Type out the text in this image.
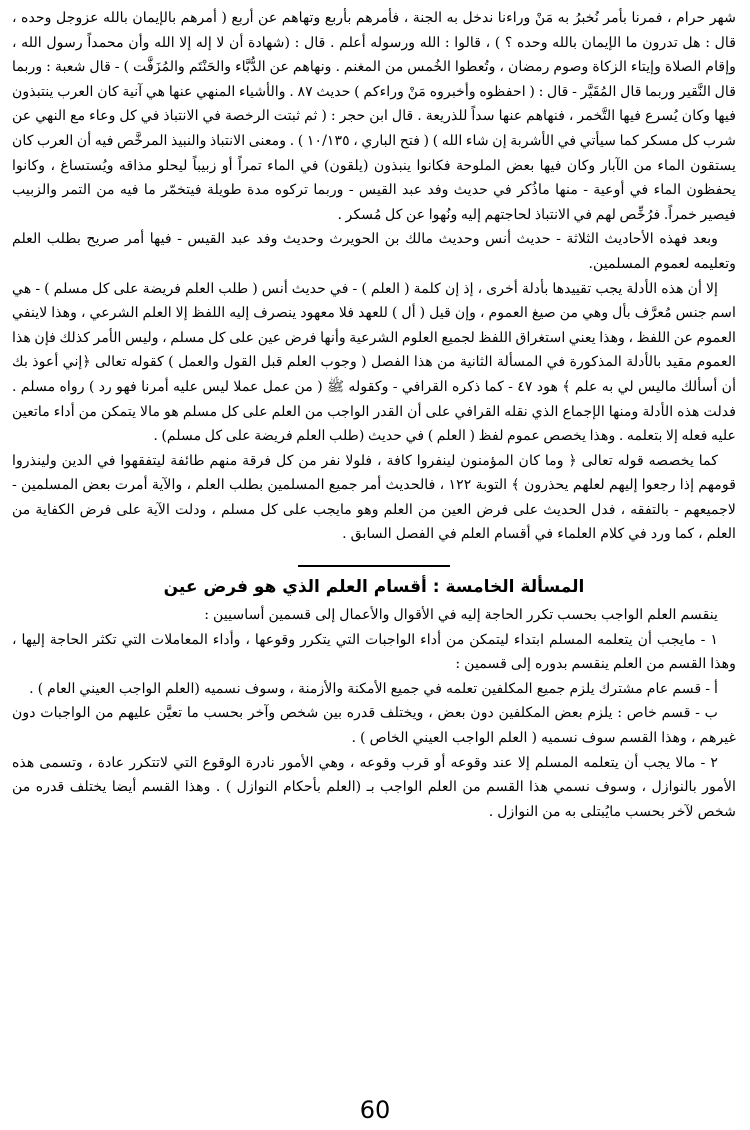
شهر حرام ، فمرنا بأمر نُخبرُ به مَنْ وراءنا ندخل به الجنة ، فأمرهم بأربع وتهاهم عن أربع ( أمرهم بالإيمان بالله عزوجل وحده ، قال : هل تدرون ما الإيمان بالله وحده ؟ ) ، قالوا : الله ورسوله أعلم . قال : (شهادة أن لا إله إلا الله وأن محمداً رسول الله ، وإقام الصلاة وإيتاء الزكاة وصوم رمضان ، وتُعطوا الخُمس من المغنم . ونهاهم عن الدُّبَّاء والحَنْتَم والمُزَفَّت ) - قال شعبة : وربما قال النَّقير وربما قال المُقَيَّر - قال : ( احفظوه وأخبروه مَنْ وراءكم ) حديث ٨٧ . والأشياء المنهي عنها هي آنية كان العرب ينتبذون فيها وكان يُسرع فيها التَّخمر ، فنهاهم عنها سداً للذريعة . قال ابن حجر : ( ثم ثبتت الرخصة في الانتباذ في كل وعاء مع النهي عن شرب كل مسكر كما سيأتي في الأشربة إن شاء الله ) ( فتح الباري ، ١٠/١٣٥ ) . ومعنى الانتباذ والنبيذ المرخَّص فيه أن العرب كان يستقون الماء من الآبار وكان فيها بعض الملوحة فكانوا ينبذون (يلقون) في الماء تمراً أو زبيباً ليحلو مذاقه ويُستساغ ، وكانوا يحفظون الماء في أوعية - منها ماذُكر في حديث وفد عبد القيس - وربما تركوه مدة طويلة فيتخمّر ما فيه من التمر والزبيب فيصير خمراً. فرُخِّص لهم في الانتباذ لحاجتهم إليه ونُهوا عن كل مُسكر .

وبعد فهذه الأحاديث الثلاثة - حديث أنس وحديث مالك بن الحويرث وحديث وفد عبد القيس - فيها أمر صريح بطلب العلم وتعليمه لعموم المسلمين.

إلا أن هذه الأدلة يجب تقييدها بأدلة أخرى ، إذ إن كلمة ( العلم ) - في حديث أنس ( طلب العلم فريضة على كل مسلم ) - هي اسم جنس مُعرَّف بأل وهي من صيغ العموم ، وإن قيل ( أل ) للعهد فلا معهود ينصرف إليه اللفظ إلا العلم الشرعي ، وهذا لاينفي العموم عن اللفظ ، وهذا يعني استغراق اللفظ لجميع العلوم الشرعية وأنها فرض عين على كل مسلم ، وليس الأمر كذلك فإن هذا العموم مقيد بالأدلة المذكورة في المسألة الثانية من هذا الفصل ( وجوب العلم قبل القول والعمل ) كقوله تعالى ﴿إني أعوذ بك أن أسألك ماليس لي به علم ﴾ هود ٤٧ - كما ذكره القرافي - وكقوله ﷺ ( من عمل عملا ليس عليه أمرنا فهو رد ) رواه مسلم . فدلت هذه الأدلة ومنها الإجماع الذي نقله القرافي على أن القدر الواجب من العلم على كل مسلم هو مالا يتمكن من أداء ماتعين عليه فعله إلا بتعلمه . وهذا يخصص عموم لفظ ( العلم ) في حديث (طلب العلم فريضة على كل مسلم) .

كما يخصصه قوله تعالى ﴿ وما كان المؤمنون لينفروا كافة ، فلولا نفر من كل فرقة منهم طائفة ليتفقهوا في الدين ولينذروا قومهم إذا رجعوا إليهم لعلهم يحذرون ﴾ التوبة ١٢٢ ، فالحديث أمر جميع المسلمين بطلب العلم ، والآية أمرت بعض المسلمين - لاجميعهم - بالتفقه ، فدل الحديث على فرض العين من العلم وهو مايجب على كل مسلم ، ودلت الآية على فرض الكفاية من العلم ، كما ورد في كلام العلماء في أقسام العلم في الفصل السابق .

المسألة الخامسة : أقسام العلم الذي هو فرض عين

ينقسم العلم الواجب بحسب تكرر الحاجة إليه في الأقوال والأعمال إلى قسمين أساسيين :

١ - مايجب أن يتعلمه المسلم ابتداء ليتمكن من أداء الواجبات التي يتكرر وقوعها ، وأداء المعاملات التي تكثر الحاجة إليها ، وهذا القسم من العلم ينقسم بدوره إلى قسمين :

أ - قسم عام مشترك يلزم جميع المكلفين تعلمه في جميع الأمكنة والأزمنة ، وسوف نسميه (العلم الواجب العيني العام ) .

ب - قسم خاص : يلزم بعض المكلفين دون بعض ، ويختلف قدره بين شخص وآخر بحسب ما تعيَّن عليهم من الواجبات دون غيرهم ، وهذا القسم سوف نسميه ( العلم الواجب العيني الخاص ) .

٢ - مالا يجب أن يتعلمه المسلم إلا عند وقوعه أو قرب وقوعه ، وهي الأمور نادرة الوقوع التي لاتتكرر عادة ، وتسمى هذه الأمور بالنوازل ، وسوف نسمي هذا القسم من العلم الواجب بـ (العلم بأحكام النوازل ) . وهذا القسم أيضا يختلف قدره من شخص لآخر بحسب مايُبتلى به من النوازل .

60
